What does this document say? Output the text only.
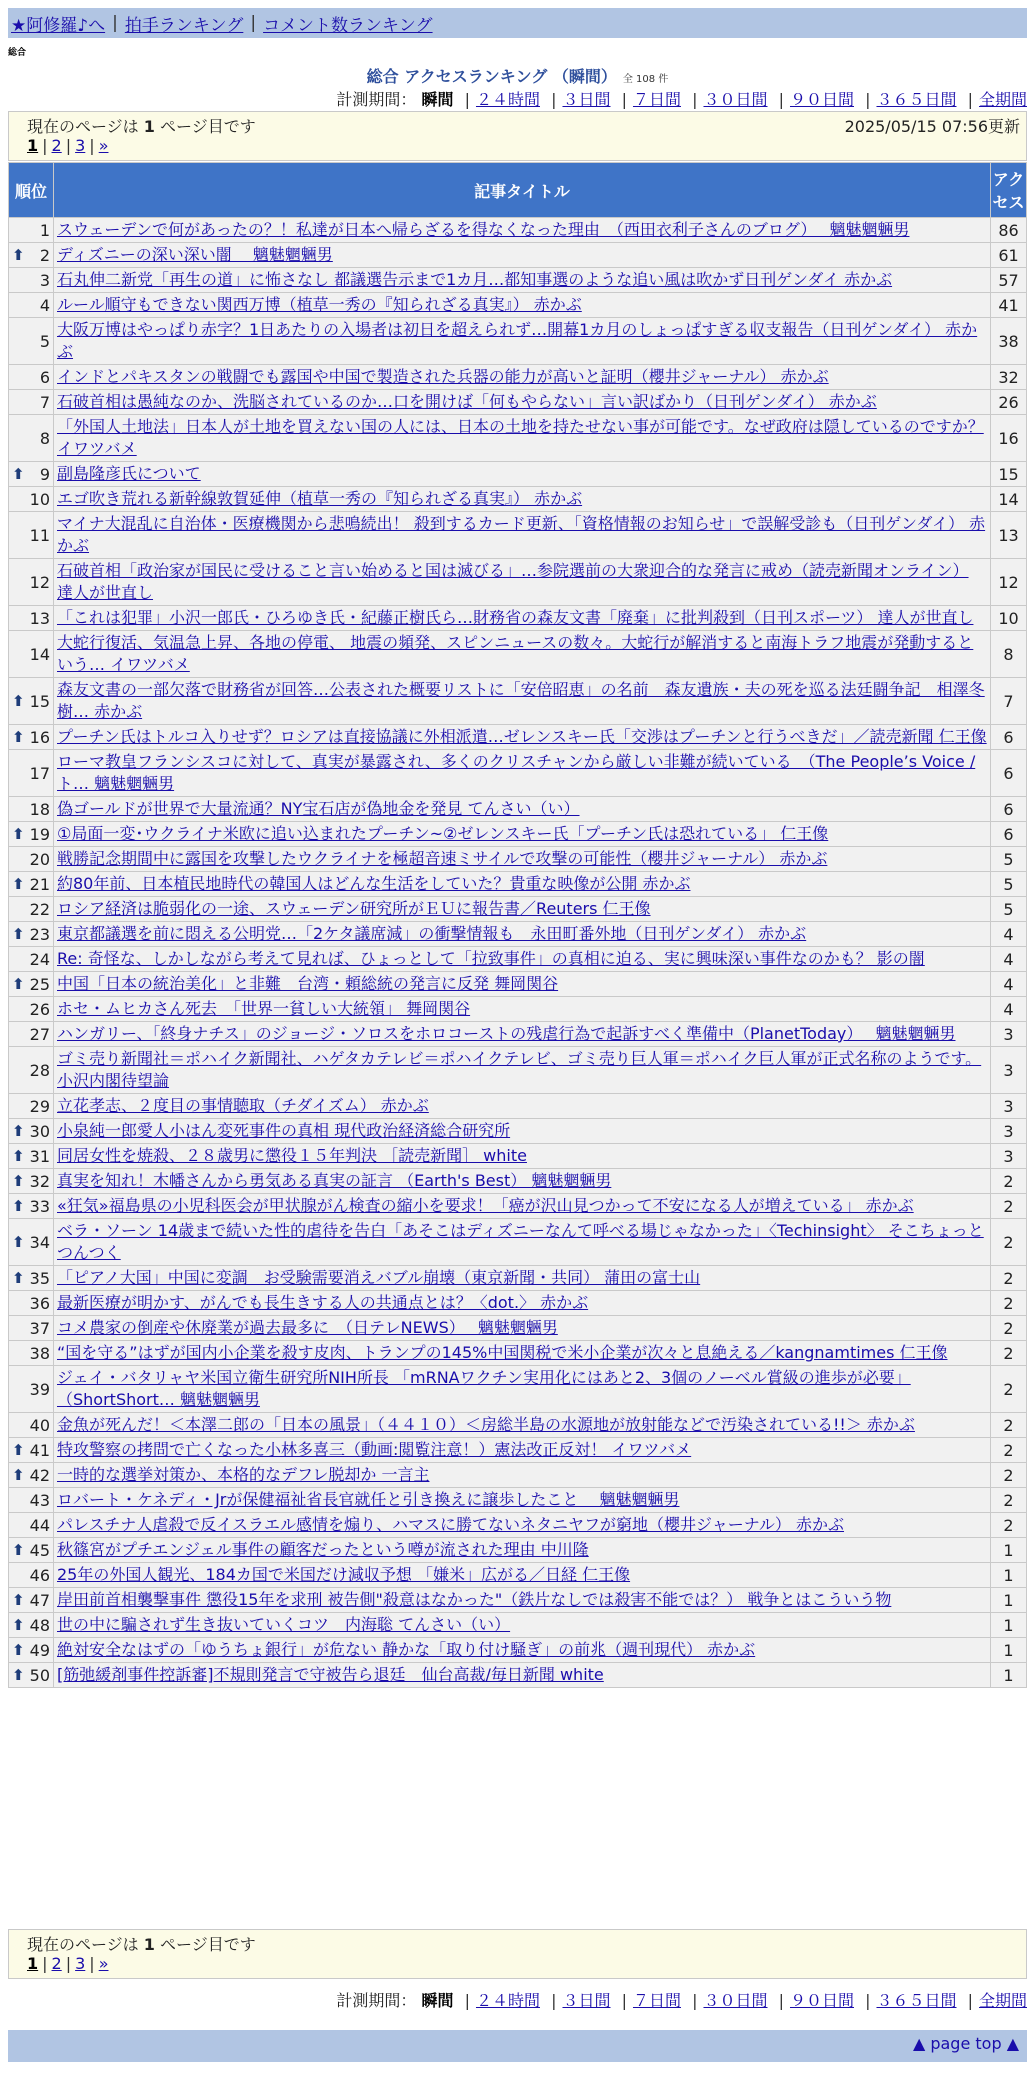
★阿修羅♪へ | 拍手ランキング | コメント数ランキング
総合
総合 アクセスランキング （瞬間） 全 108 件
計測期間： 瞬間 | ２４時間 | ３日間 | ７日間 | ３０日間 | ９０日間 | ３６５日間 | 全期間
現在のページは 1 ページ目です	2025/05/15 07:56更新
1 | 2 | 3 | »
順位	記事タイトル	アクセス
1	スウェーデンで何があったの？！私達が日本へ帰らざるを得なくなった理由　（西田衣利子さんのブログ）　 魑魅魍魎男	86

⬆ 2	ディズニーの深い深い闇　 魑魅魍魎男	61
3	石丸伸二新党「再生の道」に怖さなし 都議選告示まで1カ月…都知事選のような追い風は吹かず日刊ゲンダイ 赤かぶ	57
4	ルール順守もできない関西万博（植草一秀の『知られざる真実』） 赤かぶ	41
5	大阪万博はやっぱり赤字？1日あたりの入場者は初日を超えられず…開幕1カ月のしょっぱすぎる収支報告（日刊ゲンダイ） 赤かぶ	38
6	インドとパキスタンの戦闘でも露国や中国で製造された兵器の能力が高いと証明（櫻井ジャーナル） 赤かぶ	32
7	石破首相は愚純なのか、洗脳されているのか…口を開けば「何もやらない」言い訳ばかり（日刊ゲンダイ） 赤かぶ	26
8	「外国人土地法」日本人が土地を買えない国の人には、日本の土地を持たせない事が可能です。なぜ政府は隠しているのですか？ イワツバメ	16

⬆ 9	副島隆彦氏について	15
10	エゴ吹き荒れる新幹線敦賀延伸（植草一秀の『知られざる真実』） 赤かぶ	14
11	マイナ大混乱に自治体・医療機関から悲鳴続出！ 殺到するカード更新、「資格情報のお知らせ」で誤解受診も（日刊ゲンダイ） 赤かぶ	13
12	石破首相「政治家が国民に受けること言い始めると国は滅びる」…参院選前の大衆迎合的な発言に戒め（読売新聞オンライン） 達人が世直し	12
13	「これは犯罪」小沢一郎氏・ひろゆき氏・紀藤正樹氏ら…財務省の森友文書「廃棄」に批判殺到（日刊スポーツ） 達人が世直し	10
14	大蛇行復活、気温急上昇、各地の停電、 地震の頻発、スピンニュースの数々。大蛇行が解消すると南海トラフ地震が発動するという… イワツバメ	8

⬆ 15	森友文書の一部欠落で財務省が回答…公表された概要リストに「安倍昭恵」の名前　森友遺族・夫の死を巡る法廷闘争記　相澤冬樹… 赤かぶ	7

⬆ 16	プーチン氏はトルコ入りせず？ロシアは直接協議に外相派遣…ゼレンスキー氏「交渉はプーチンと行うべきだ」／読売新聞 仁王像	6
17	ローマ教皇フランシスコに対して、真実が暴露され、多くのクリスチャンから厳しい非難が続いている　（The People’s Voice / ト… 魑魅魍魎男	6
18	偽ゴールドが世界で大量流通？NY宝石店が偽地金を発見 てんさい（い）	6

⬆ 19	①局面一変･ウクライナ米欧に追い込まれたプーチン~②ゼレンスキー氏「プーチン氏は恐れている」 仁王像	6
20	戦勝記念期間中に露国を攻撃したウクライナを極超音速ミサイルで攻撃の可能性（櫻井ジャーナル） 赤かぶ	5

⬆ 21	約80年前、日本植民地時代の韓国人はどんな生活をしていた？貴重な映像が公開 赤かぶ	5
22	ロシア経済は脆弱化の一途、スウェーデン研究所がＥＵに報告書／Reuters 仁王像	5

⬆ 23	東京都議選を前に悶える公明党…「2ケタ議席減」の衝撃情報も　永田町番外地（日刊ゲンダイ） 赤かぶ	4
24	Re: 奇怪な、しかしながら考えて見れば、ひょっとして「拉致事件」の真相に迫る、実に興味深い事件なのかも？ 影の闇	4

⬆ 25	中国「日本の統治美化」と非難　台湾・頼総統の発言に反発 舞岡関谷	4
26	ホセ・ムヒカさん死去　「世界一貧しい大統領」 舞岡関谷	4
27	ハンガリー、「終身ナチス」のジョージ・ソロスをホロコーストの残虐行為で起訴すべく準備中（PlanetToday）　 魑魅魍魎男	3
28	ゴミ売り新聞社＝ポハイク新聞社、ハゲタカテレビ＝ポハイクテレビ、ゴミ売り巨人軍＝ポハイク巨人軍が正式名称のようです。 小沢内閣待望論	3
29	立花孝志、２度目の事情聴取（チダイズム） 赤かぶ	3

⬆ 30	小泉純一郎愛人小はん変死事件の真相 現代政治経済総合研究所	3

⬆ 31	同居女性を焼殺、２８歳男に懲役１５年判決 ［読売新聞］ white	3

⬆ 32	真実を知れ！木幡さんから勇気ある真実の証言 （Earth's Best） 魑魅魍魎男	2

⬆ 33	«狂気»福島県の小児科医会が甲状腺がん検査の縮小を要求！「癌が沢山見つかって不安になる人が増えている」 赤かぶ	2

⬆ 34	ベラ・ソーン 14歳まで続いた性的虐待を告白「あそこはディズニーなんて呼べる場じゃなかった」〈Techinsight〉 そこちょっとつんつく	2

⬆ 35	「ピアノ大国」中国に変調　お受験需要消えバブル崩壊（東京新聞・共同） 蒲田の富士山	2
36	最新医療が明かす、がんでも長生きする人の共通点とは？〈dot.〉 赤かぶ	2
37	コメ農家の倒産や休廃業が過去最多に　（日テレNEWS）　 魑魅魍魎男	2
38	“国を守る”はずが国内小企業を殺す皮肉、トランプの145%中国関税で米小企業が次々と息絶える／kangnamtimes 仁王像	2
39	ジェイ・バタリャヤ米国立衛生研究所NIH所長 「mRNAワクチン実用化にはあと2、3個のノーベル賞級の進歩が必要」（ShortShort… 魑魅魍魎男	2
40	金魚が死んだ！＜本澤二郎の「日本の風景」（４４１０）＜房総半島の水源地が放射能などで汚染されている!!＞ 赤かぶ	2

⬆ 41	特攻警察の拷問で亡くなった小林多喜三（動画:閲覧注意！）憲法改正反対！ イワツバメ	2

⬆ 42	一時的な選挙対策か、本格的なデフレ脱却か 一言主	2
43	ロバート・ケネディ・Jrが保健福祉省長官就任と引き換えに譲歩したこと　 魑魅魍魎男	2
44	パレスチナ人虐殺で反イスラエル感情を煽り、ハマスに勝てないネタニヤフが窮地（櫻井ジャーナル） 赤かぶ	2

⬆ 45	秋篠宮がプチエンジェル事件の顧客だったという噂が流された理由 中川隆	1
46	25年の外国人観光、184カ国で米国だけ減収予想 「嫌米」広がる／日経 仁王像	1

⬆ 47	岸田前首相襲撃事件 懲役15年を求刑 被告側"殺意はなかった"（鉄片なしでは殺害不能では？） 戦争とはこういう物	1

⬆ 48	世の中に騙されず生き抜いていくコツ　内海聡 てんさい（い）	1

⬆ 49	絶対安全なはずの「ゆうちょ銀行」が危ない 静かな「取り付け騒ぎ」の前兆（週刊現代） 赤かぶ	1

⬆ 50	[筋弛緩剤事件控訴審]不規則発言で守被告ら退廷　仙台高裁/毎日新聞 white	1
現在のページは 1 ページ目です
1 | 2 | 3 | »
計測期間： 瞬間 | ２４時間 | ３日間 | ７日間 | ３０日間 | ９０日間 | ３６５日間 | 全期間
▲ page top ▲
